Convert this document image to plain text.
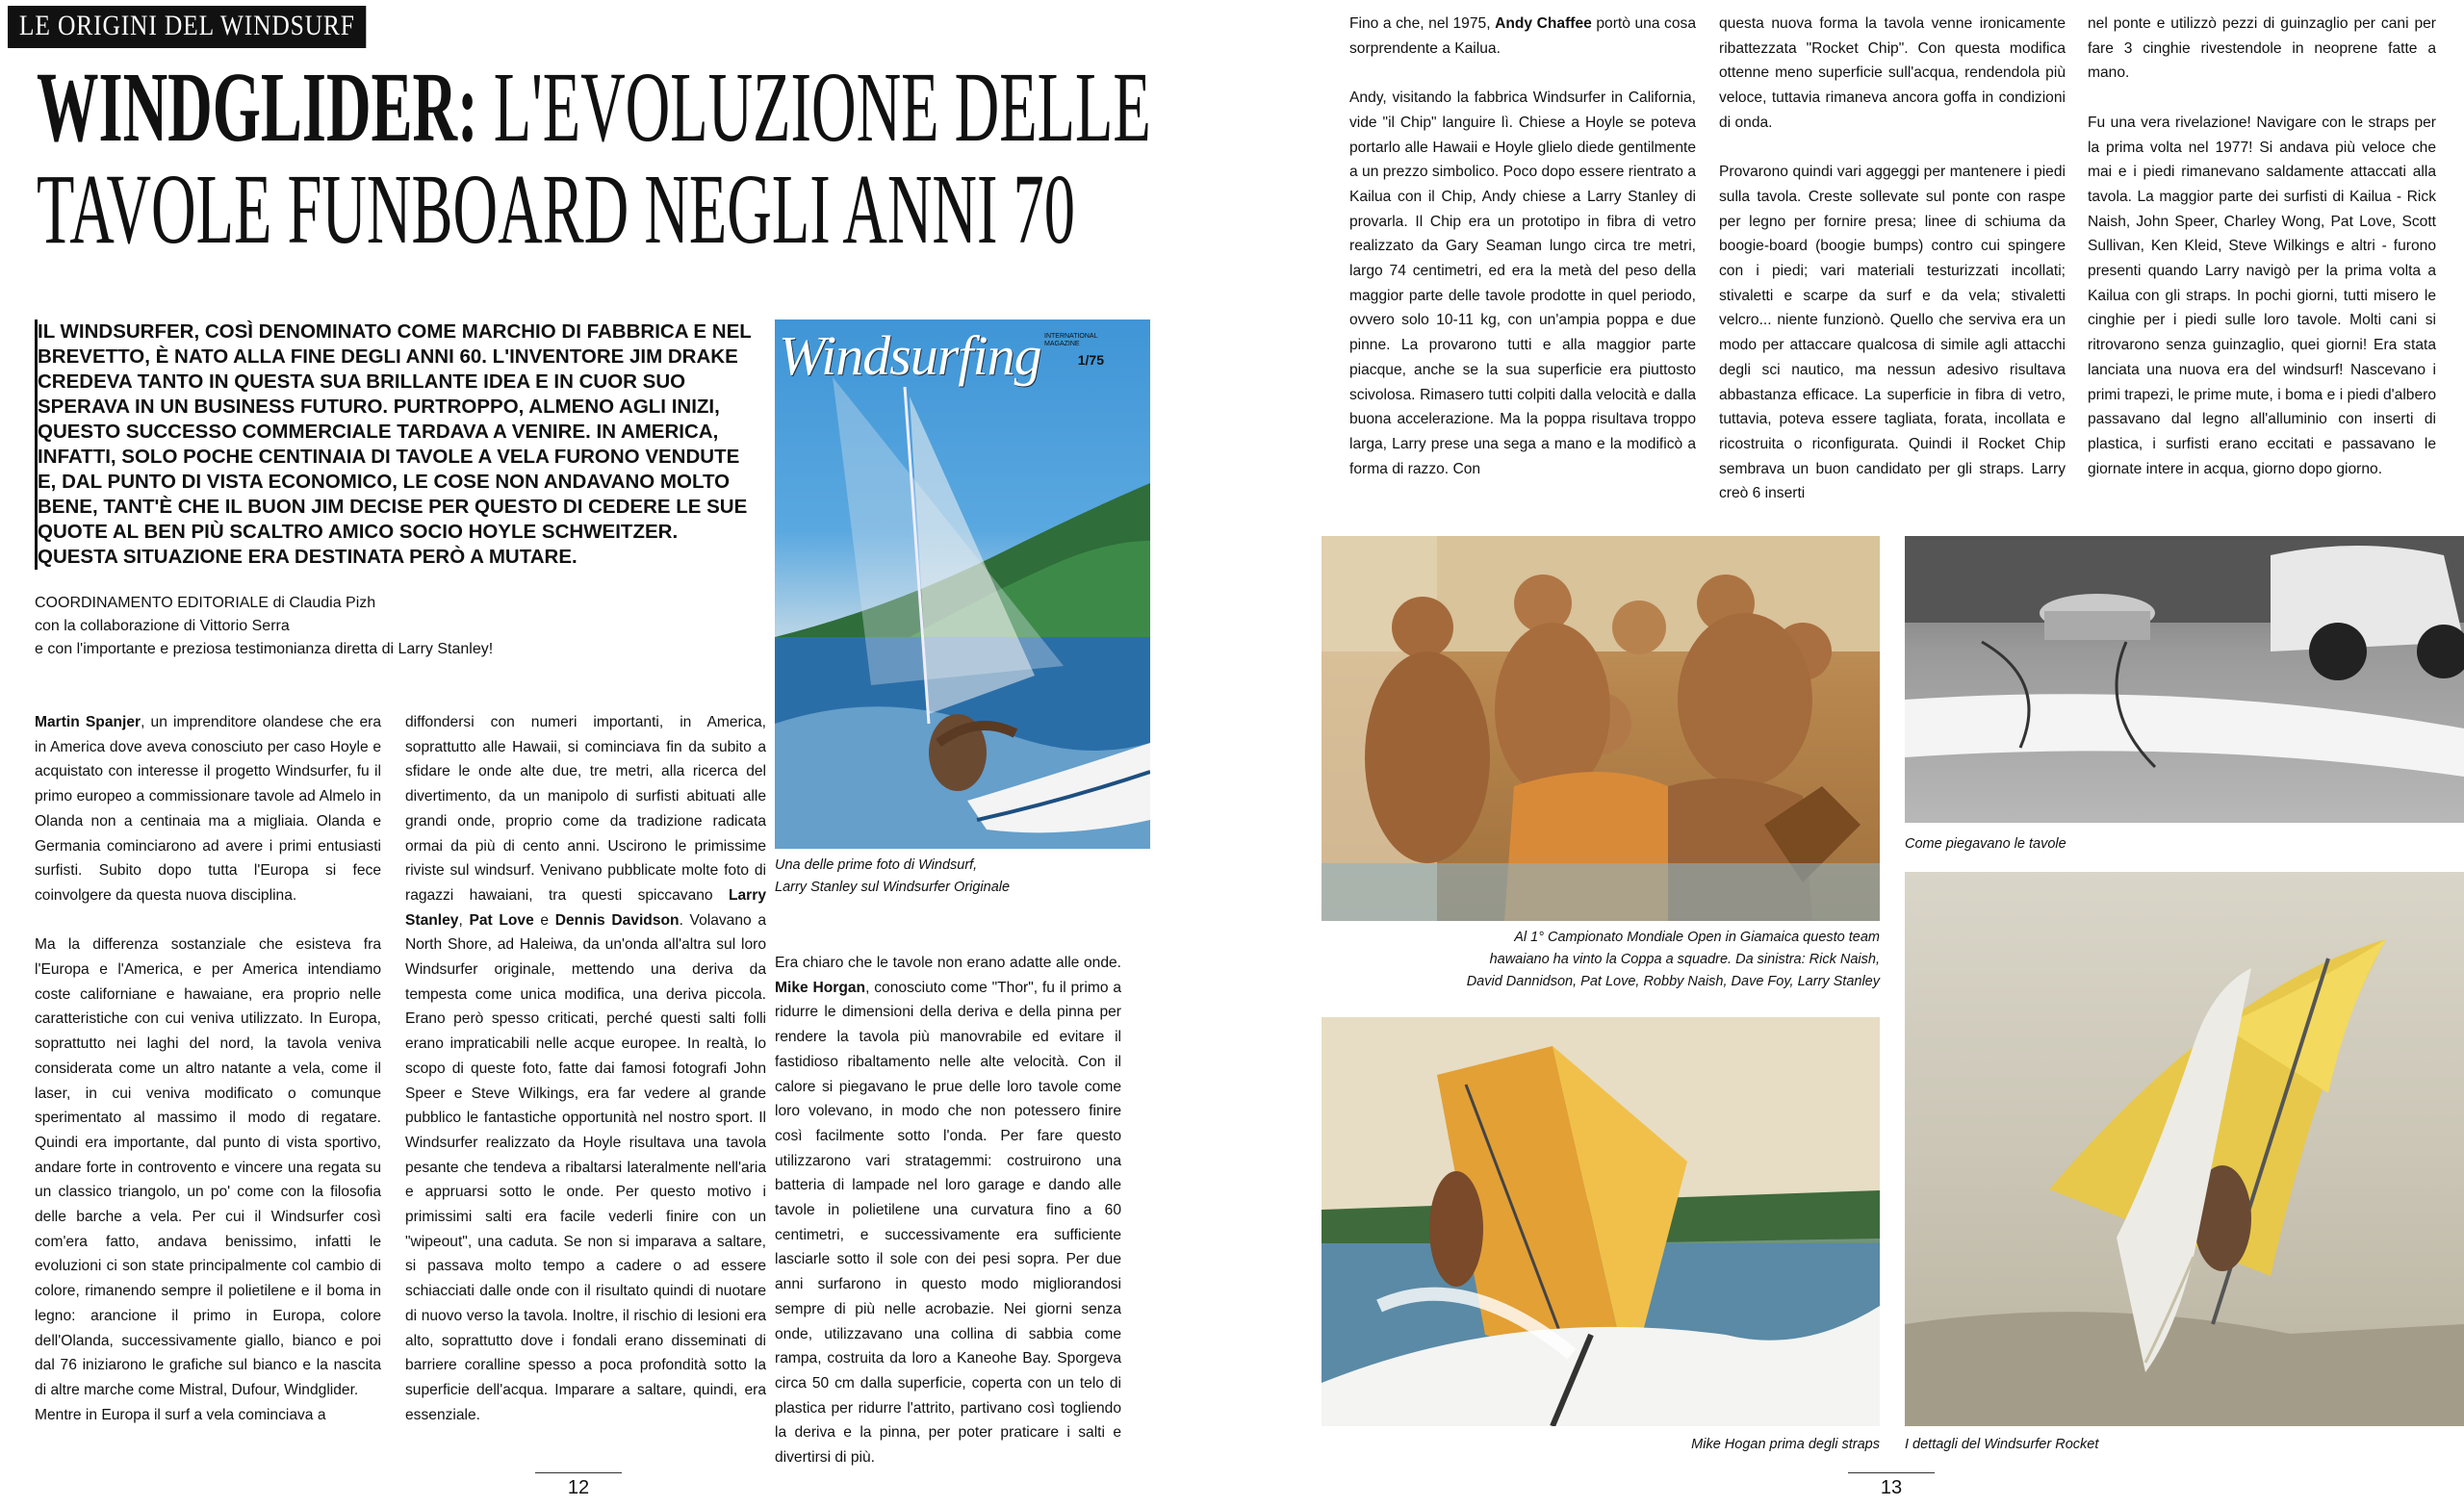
LE ORIGINI DEL WINDSURF
WINDGLIDER: L'EVOLUZIONE DELLE
TAVOLE FUNBOARD NEGLI ANNI 70

IL WINDSURFER, COSÌ DENOMINATO COME MARCHIO DI FABBRICA E NEL BREVETTO, È NATO ALLA FINE DEGLI ANNI 60. L'INVENTORE JIM DRAKE CREDEVA TANTO IN QUESTA SUA BRILLANTE IDEA E IN CUOR SUO SPERAVA IN UN BUSINESS FUTURO. PURTROPPO, ALMENO AGLI INIZI, QUESTO SUCCESSO COMMERCIALE TARDAVA A VENIRE. IN AMERICA, INFATTI, SOLO POCHE CENTINAIA DI TAVOLE A VELA FURONO VENDUTE E, DAL PUNTO DI VISTA ECONOMICO, LE COSE NON ANDAVANO MOLTO BENE, TANT'È CHE IL BUON JIM DECISE PER QUESTO DI CEDERE LE SUE QUOTE AL BEN PIÙ SCALTRO AMICO SOCIO HOYLE SCHWEITZER. QUESTA SITUAZIONE ERA DESTINATA PERÒ A MUTARE.

COORDINAMENTO EDITORIALE di Claudia Pizh
con la collaborazione di Vittorio Serra
e con l'importante e preziosa testimonianza diretta di Larry Stanley!
Windsurfing INTERNATIONAL MAGAZINE
1/75
Una delle prime foto di Windsurf,
Larry Stanley sul Windsurfer Originale

Martin Spanjer, un imprenditore olandese che era in America dove aveva conosciuto per caso Hoyle e acquistato con interesse il progetto Windsurfer, fu il primo europeo a commissionare tavole ad Almelo in Olanda non a centinaia ma a migliaia. Olanda e Germania cominciarono ad avere i primi entusiasti surfisti. Subito dopo tutta l'Europa si fece coinvolgere da questa nuova disciplina.

Ma la differenza sostanziale che esisteva fra l'Europa e l'America, e per America intendiamo coste californiane e hawaiane, era proprio nelle caratteristiche con cui veniva utilizzato. In Europa, soprattutto nei laghi del nord, la tavola veniva considerata come un altro natante a vela, come il laser, in cui veniva modificato o comunque sperimentato al massimo il modo di regatare. Quindi era importante, dal punto di vista sportivo, andare forte in controvento e vincere una regata su un classico triangolo, un po' come con la filosofia delle barche a vela. Per cui il Windsurfer così com'era fatto, andava benissimo, infatti le evoluzioni ci son state principalmente col cambio di colore, rimanendo sempre il polietilene e il boma in legno: arancione il primo in Europa, colore dell'Olanda, successivamente giallo, bianco e poi dal 76 iniziarono le grafiche sul bianco e la nascita di altre marche come Mistral, Dufour, Windglider.

Mentre in Europa il surf a vela cominciava a

diffondersi con numeri importanti, in America, soprattutto alle Hawaii, si cominciava fin da subito a sfidare le onde alte due, tre metri, alla ricerca del divertimento, da un manipolo di surfisti abituati alle grandi onde, proprio come da tradizione radicata ormai da più di cento anni. Uscirono le primissime riviste sul windsurf. Venivano pubblicate molte foto di ragazzi hawaiani, tra questi spiccavano Larry Stanley, Pat Love e Dennis Davidson. Volavano a North Shore, ad Haleiwa, da un'onda all'altra sul loro Windsurfer originale, mettendo una deriva da tempesta come unica modifica, una deriva piccola. Erano però spesso criticati, perché questi salti folli erano impraticabili nelle acque europee. In realtà, lo scopo di queste foto, fatte dai famosi fotografi John Speer e Steve Wilkings, era far vedere al grande pubblico le fantastiche opportunità nel nostro sport. Il Windsurfer realizzato da Hoyle risultava una tavola pesante che tendeva a ribaltarsi lateralmente nell'aria e appruarsi sotto le onde. Per questo motivo i primissimi salti era facile vederli finire con un "wipeout", una caduta. Se non si imparava a saltare, si passava molto tempo a cadere o ad essere schiacciati dalle onde con il risultato quindi di nuotare di nuovo verso la tavola. Inoltre, il rischio di lesioni era alto, soprattutto dove i fondali erano disseminati di barriere coralline spesso a poca profondità sotto la superficie dell'acqua. Imparare a saltare, quindi, era essenziale.

12

Era chiaro che le tavole non erano adatte alle onde. Mike Horgan, conosciuto come "Thor", fu il primo a ridurre le dimensioni della deriva e della pinna per rendere la tavola più manovrabile ed evitare il fastidioso ribaltamento nelle alte velocità. Con il calore si piegavano le prue delle loro tavole come loro volevano, in modo che non potessero finire così facilmente sotto l'onda. Per fare questo utilizzarono vari stratagemmi: costruirono una batteria di lampade nel loro garage e dando alle tavole in polietilene una curvatura fino a 60 centimetri, e successivamente era sufficiente lasciarle sotto il sole con dei pesi sopra. Per due anni surfarono in questo modo migliorandosi sempre di più nelle acrobazie. Nei giorni senza onde, utilizzavano una collina di sabbia come rampa, costruita da loro a Kaneohe Bay. Sporgeva circa 50 cm dalla superficie, coperta con un telo di plastica per ridurre l'attrito, partivano così togliendo la deriva e la pinna, per poter praticare i salti e divertirsi di più.

Fino a che, nel 1975, Andy Chaffee portò una cosa sorprendente a Kailua.

Andy, visitando la fabbrica Windsurfer in California, vide "il Chip" languire lì. Chiese a Hoyle se poteva portarlo alle Hawaii e Hoyle glielo diede gentilmente a un prezzo simbolico. Poco dopo essere rientrato a Kailua con il Chip, Andy chiese a Larry Stanley di provarla. Il Chip era un prototipo in fibra di vetro realizzato da Gary Seaman lungo circa tre metri, largo 74 centimetri, ed era la metà del peso della maggior parte delle tavole prodotte in quel periodo, ovvero solo 10-11 kg, con un'ampia poppa e due pinne. La provarono tutti e alla maggior parte piacque, anche se la sua superficie era piuttosto scivolosa. Rimasero tutti colpiti dalla velocità e dalla buona accelerazione. Ma la poppa risultava troppo larga, Larry prese una sega a mano e la modificò a forma di razzo. Con

questa nuova forma la tavola venne ironicamente ribattezzata "Rocket Chip". Con questa modifica ottenne meno superficie sull'acqua, rendendola più veloce, tuttavia rimaneva ancora goffa in condizioni di onda.

Provarono quindi vari aggeggi per mantenere i piedi sulla tavola. Creste sollevate sul ponte con raspe per legno per fornire presa; linee di schiuma da boogie-board (boogie bumps) contro cui spingere con i piedi; vari materiali testurizzati incollati; stivaletti e scarpe da surf e da vela; stivaletti velcro... niente funzionò. Quello che serviva era un modo per attaccare qualcosa di simile agli attacchi degli sci nautico, ma nessun adesivo risultava abbastanza efficace. La superficie in fibra di vetro, tuttavia, poteva essere tagliata, forata, incollata e ricostruita o riconfigurata. Quindi il Rocket Chip sembrava un buon candidato per gli straps. Larry creò 6 inserti

nel ponte e utilizzò pezzi di guinzaglio per cani per fare 3 cinghie rivestendole in neoprene fatte a mano.

Fu una vera rivelazione! Navigare con le straps per la prima volta nel 1977! Si andava più veloce che mai e i piedi rimanevano saldamente attaccati alla tavola. La maggior parte dei surfisti di Kailua - Rick Naish, John Speer, Charley Wong, Pat Love, Scott Sullivan, Ken Kleid, Steve Wilkings e altri - furono presenti quando Larry navigò per la prima volta a Kailua con gli straps. In pochi giorni, tutti misero le cinghie per i piedi sulle loro tavole. Molti cani si ritrovarono senza guinzaglio, quei giorni! Era stata lanciata una nuova era del windsurf! Nascevano i primi trapezi, le prime mute, i boma e i piedi d'albero passavano dal legno all'alluminio con inserti di plastica, i surfisti erano eccitati e passavano le giornate intere in acqua, giorno dopo giorno.

Al 1° Campionato Mondiale Open in Giamaica questo team
hawaiano ha vinto la Coppa a squadre. Da sinistra: Rick Naish,
David Dannidson, Pat Love, Robby Naish, Dave Foy, Larry Stanley
Come piegavano le tavole
Mike Hogan prima degli straps I dettagli del Windsurfer Rocket
13
